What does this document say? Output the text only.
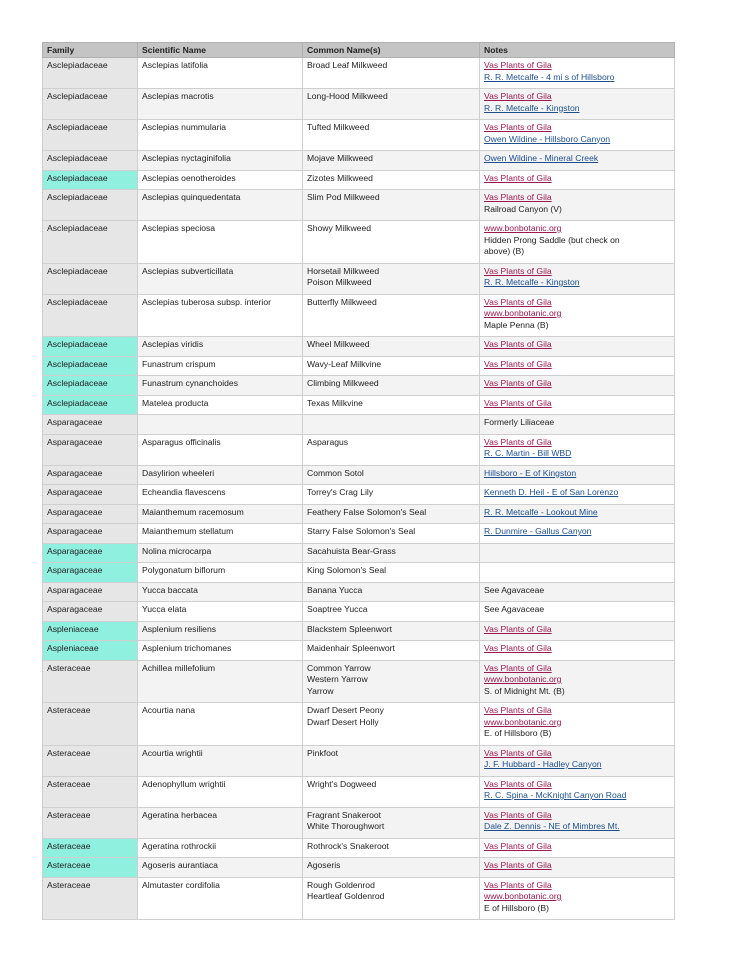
Family	Scientific Name	Common Name(s)	Notes

Asclepiadaceae	Asclepias latifolia	Broad Leaf Milkweed	Vas Plants of Gila
R. R. Metcalfe - 4 mi s of Hillsboro

Asclepiadaceae	Asclepias macrotis	Long-Hood Milkweed	Vas Plants of Gila
R. R. Metcalfe - Kingston

Asclepiadaceae	Asclepias nummularia	Tufted Milkweed	Vas Plants of Gila
Owen Wildine - Hillsboro Canyon

Asclepiadaceae	Asclepias nyctaginifolia	Mojave Milkweed	Owen Wildine - Mineral Creek

Asclepiadaceae	Asclepias oenotheroides	Zizotes Milkweed	Vas Plants of Gila

Asclepiadaceae	Asclepias quinquedentata	Slim Pod Milkweed	Vas Plants of Gila
Railroad Canyon (V)

Asclepiadaceae	Asclepias speciosa	Showy Milkweed	www.bonbotanic.org
Hidden Prong Saddle (but check on
above) (B)

Asclepiadaceae	Asclepias subverticillata	Horsetail Milkweed
Poison Milkweed	Vas Plants of Gila
R. R. Metcalfe - Kingston

Asclepiadaceae	Asclepias tuberosa subsp. interior	Butterfly Milkweed	Vas Plants of Gila
www.bonbotanic.org
Maple Penna (B)

Asclepiadaceae	Asclepias viridis	Wheel Milkweed	Vas Plants of Gila

Asclepiadaceae	Funastrum crispum	Wavy-Leaf Milkvine	Vas Plants of Gila

Asclepiadaceae	Funastrum cynanchoides	Climbing Milkweed	Vas Plants of Gila

Asclepiadaceae	Matelea producta	Texas Milkvine	Vas Plants of Gila

Asparagaceae			Formerly Liliaceae

Asparagaceae	Asparagus officinalis	Asparagus	Vas Plants of Gila
R. C. Martin - Bill WBD

Asparagaceae	Dasylirion wheeleri	Common Sotol	Hillsboro - E of Kingston

Asparagaceae	Echeandia flavescens	Torrey's Crag Lily	Kenneth D. Heil - E of San Lorenzo

Asparagaceae	Maianthemum racemosum	Feathery False Solomon's Seal	R. R. Metcalfe - Lookout Mine

Asparagaceae	Maianthemum stellatum	Starry False Solomon's Seal	R. Dunmire - Gallus Canyon

Asparagaceae	Nolina microcarpa	Sacahuista Bear-Grass	

Asparagaceae	Polygonatum biflorum	King Solomon's Seal	

Asparagaceae	Yucca baccata	Banana Yucca	See Agavaceae

Asparagaceae	Yucca elata	Soaptree Yucca	See Agavaceae

Aspleniaceae	Asplenium resiliens	Blackstem Spleenwort	Vas Plants of Gila

Aspleniaceae	Asplenium trichomanes	Maidenhair Spleenwort	Vas Plants of Gila

Asteraceae	Achillea millefolium	Common Yarrow
Western Yarrow
Yarrow	Vas Plants of Gila
www.bonbotanic.org
S. of Midnight Mt. (B)

Asteraceae	Acourtia nana	Dwarf Desert Peony
Dwarf Desert Holly	Vas Plants of Gila
www.bonbotanic.org
E. of Hillsboro (B)

Asteraceae	Acourtia wrightii	Pinkfoot	Vas Plants of Gila
J. F. Hubbard - Hadley Canyon

Asteraceae	Adenophyllum wrightii	Wright's Dogweed	Vas Plants of Gila
R. C. Spina - McKnight Canyon Road

Asteraceae	Ageratina herbacea	Fragrant Snakeroot
White Thoroughwort	Vas Plants of Gila
Dale Z. Dennis - NE of Mimbres Mt.

Asteraceae	Ageratina rothrockii	Rothrock's Snakeroot	Vas Plants of Gila

Asteraceae	Agoseris aurantiaca	Agoseris	Vas Plants of Gila

Asteraceae	Almutaster cordifolia	Rough Goldenrod
Heartleaf Goldenrod	Vas Plants of Gila
www.bonbotanic.org
E of Hillsboro (B)
